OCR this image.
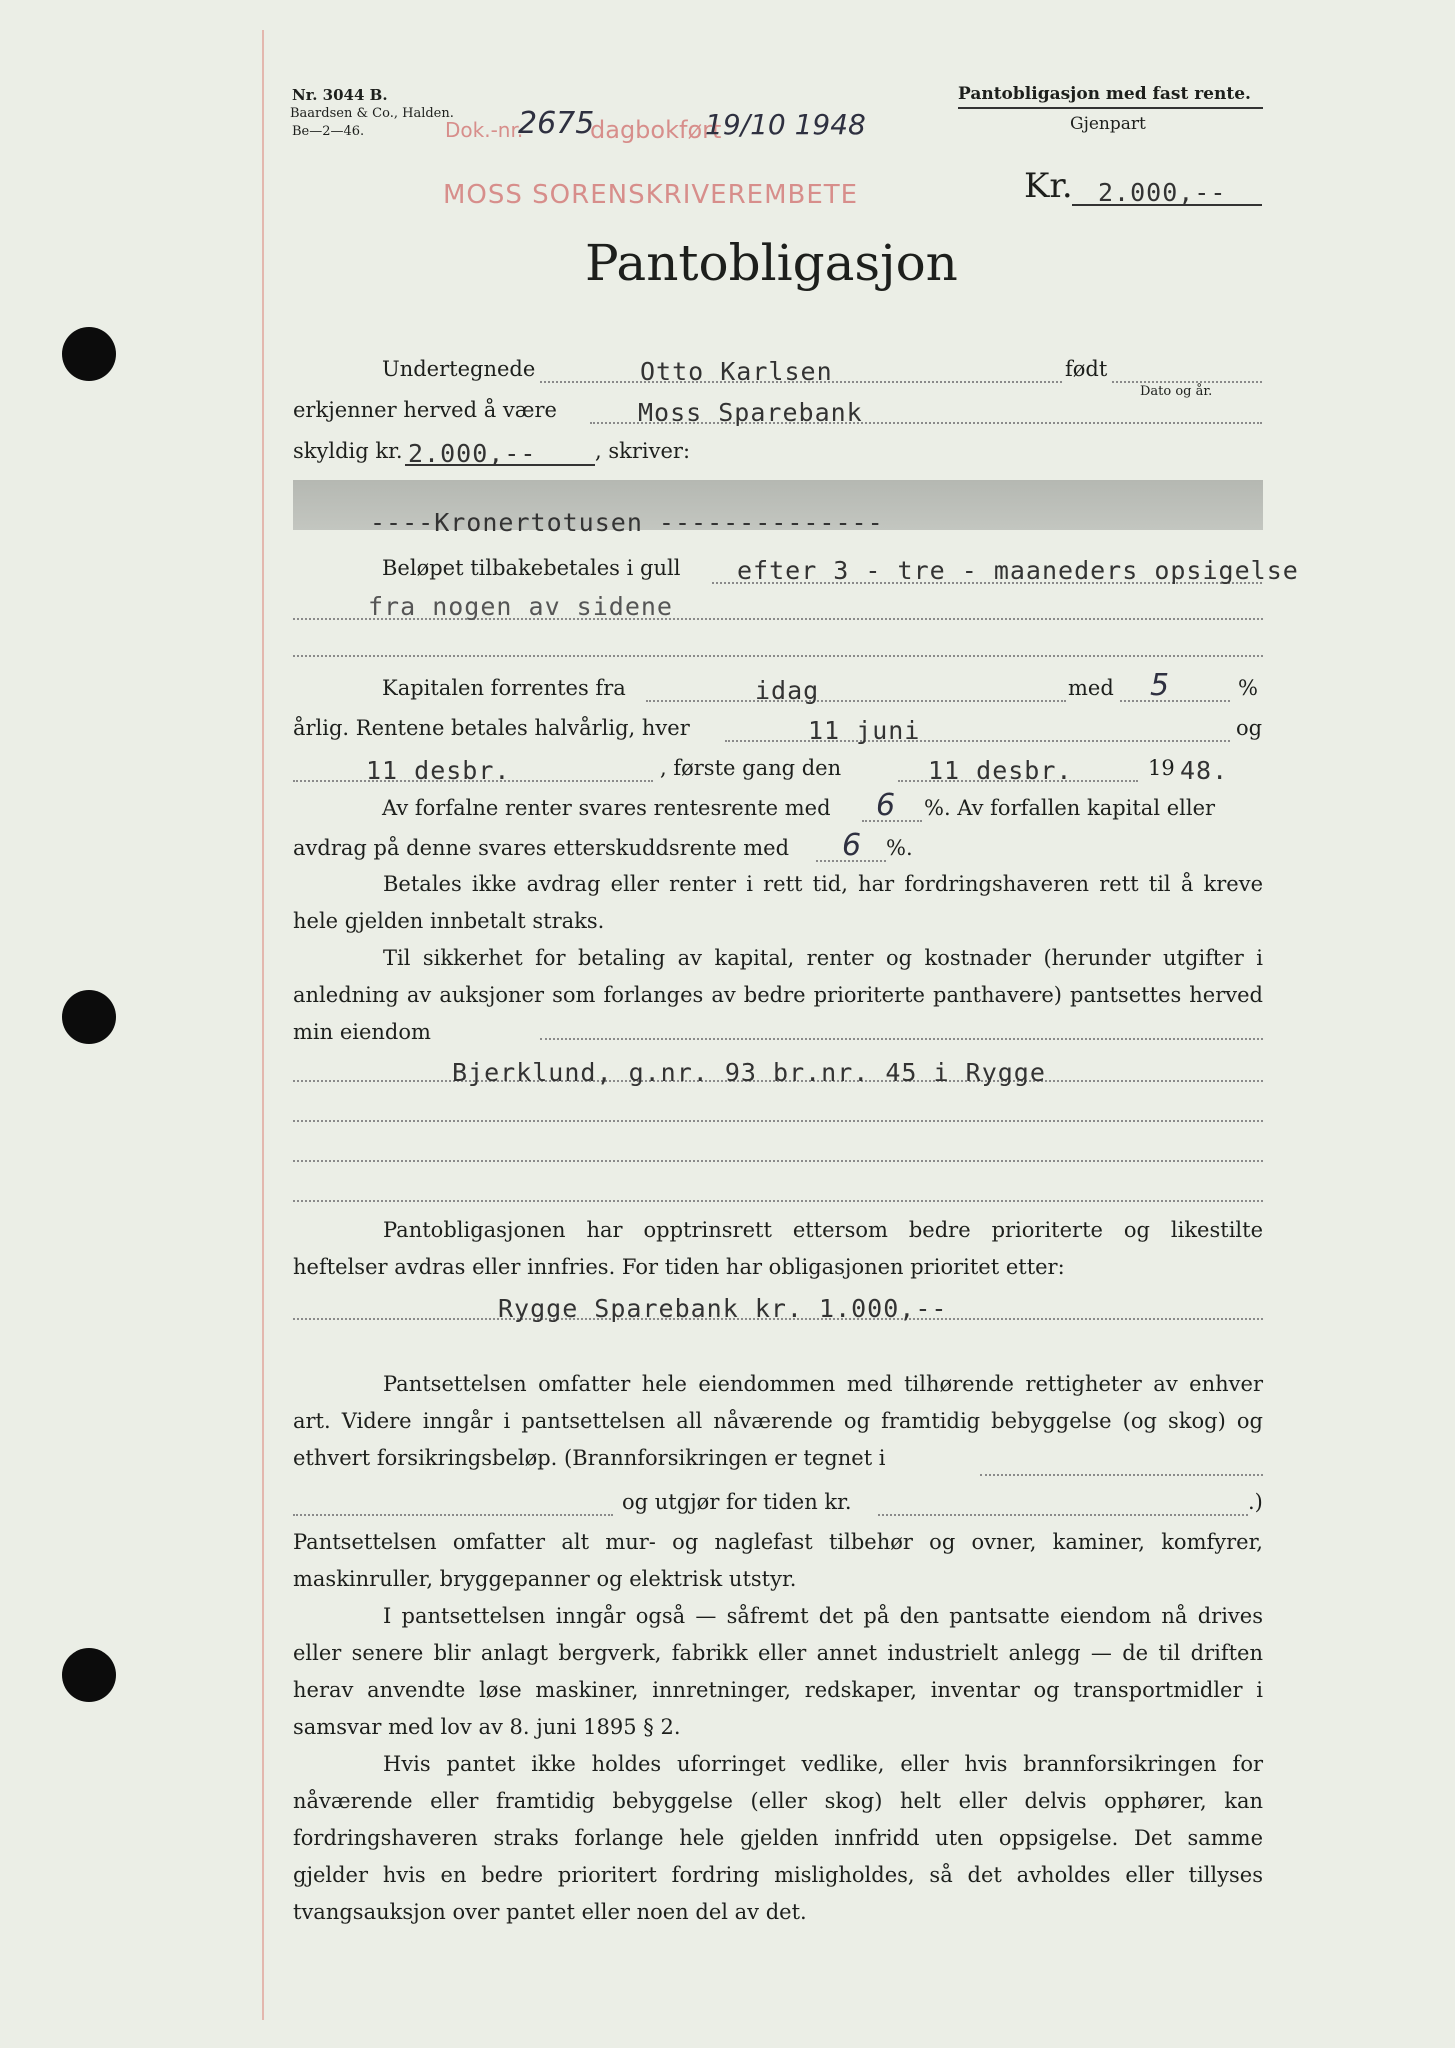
Nr. 3044 B.
Baardsen & Co., Halden.
Be—2—46.	Dok.-nr.
2675
dagbokført
19/10 1948
MOSS SORENSKRIVEREMBETE
Pantobligasjon med fast rente.
Gjenpart
Kr. 2.000,--
Pantobligasjon
Undertegnede	Otto Karlsen	født
Dato og år.
erkjenner herved å være	Moss Sparebank
skyldig kr. 2.000,--	, skriver:
----Kronertotusen --------------
Beløpet tilbakebetales i gull efter 3 - tre - maaneders opsigelse
fra nogen av sidene
Kapitalen forrentes fra	idag	med 5	%
årlig. Rentene betales halvårlig, hver	11 juni	og
11 desbr.	, første gang den	11 desbr.	19 48.
Av forfalne renter svares rentesrente med 6 %. Av forfallen kapital eller
avdrag på denne svares etterskuddsrente med 6 %.

Betales ikke avdrag eller renter i rett tid, har fordringshaveren rett til å kreve hele gjelden innbetalt straks.

Til sikkerhet for betaling av kapital, renter og kostnader (herunder utgifter i anledning av auksjoner som forlanges av bedre prioriterte panthavere) pantsettes herved min eiendom

Bjerklund, g.nr. 93 br.nr. 45 i Rygge

Pantobligasjonen har opptrinsrett ettersom bedre prioriterte og likestilte heftelser avdras eller innfries. For tiden har obligasjonen prioritet etter:

Rygge Sparebank kr. 1.000,--

Pantsettelsen omfatter hele eiendommen med tilhørende rettigheter av enhver art. Videre inngår i pantsettelsen all nåværende og framtidig bebyggelse (og skog) og ethvert forsikringsbeløp. (Brannforsikringen er tegnet i

og utgjør for tiden kr.	.)

Pantsettelsen omfatter alt mur- og naglefast tilbehør og ovner, kaminer, komfyrer, maskinruller, bryggepanner og elektrisk utstyr.

I pantsettelsen inngår også — såfremt det på den pantsatte eiendom nå drives eller senere blir anlagt bergverk, fabrikk eller annet industrielt anlegg — de til driften herav anvendte løse maskiner, innretninger, redskaper, inventar og transportmidler i samsvar med lov av 8. juni 1895 § 2.

Hvis pantet ikke holdes uforringet vedlike, eller hvis brannforsikringen for nåværende eller framtidig bebyggelse (eller skog) helt eller delvis opphører, kan fordringshaveren straks forlange hele gjelden innfridd uten oppsigelse. Det samme gjelder hvis en bedre prioritert fordring misligholdes, så det avholdes eller tillyses tvangsauksjon over pantet eller noen del av det.
